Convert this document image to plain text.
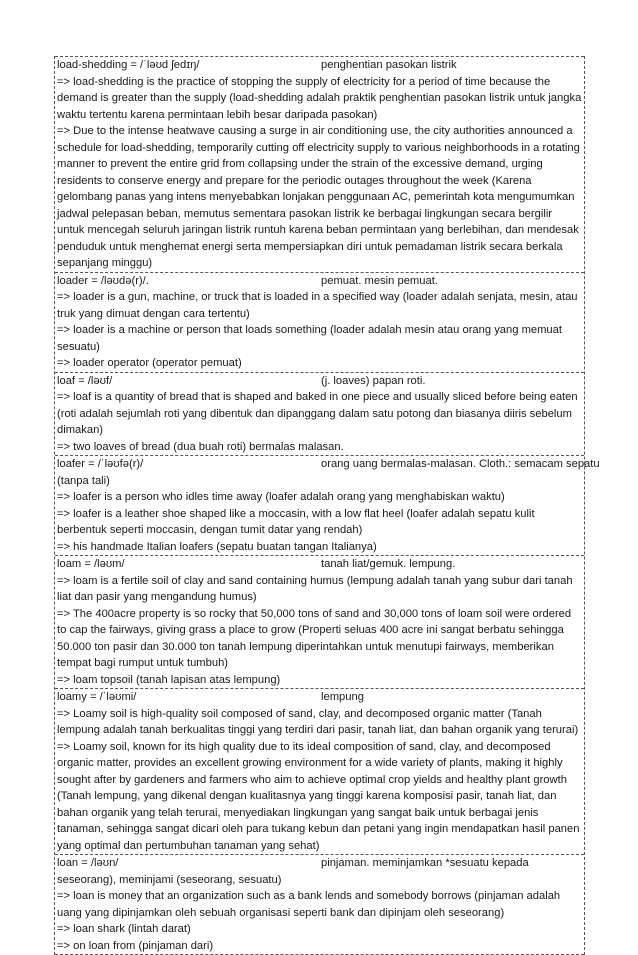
load-shedding = /ˈləʊd ʃedɪŋ/	penghentian pasokan listrik
=> load-shedding is the practice of stopping the supply of electricity for a period of time because the demand is greater than the supply (load-shedding adalah praktik penghentian pasokan listrik untuk jangka waktu tertentu karena permintaan lebih besar daripada pasokan)
=> Due to the intense heatwave causing a surge in air conditioning use, the city authorities announced a schedule for load-shedding, temporarily cutting off electricity supply to various neighborhoods in a rotating manner to prevent the entire grid from collapsing under the strain of the excessive demand, urging residents to conserve energy and prepare for the periodic outages throughout the week (Karena gelombang panas yang intens menyebabkan lonjakan penggunaan AC, pemerintah kota mengumumkan jadwal pelepasan beban, memutus sementara pasokan listrik ke berbagai lingkungan secara bergilir untuk mencegah seluruh jaringan listrik runtuh karena beban permintaan yang berlebihan, dan mendesak penduduk untuk menghemat energi serta mempersiapkan diri untuk pemadaman listrik secara berkala sepanjang minggu)
loader = /ləʊdə(r)/.	pemuat. mesin pemuat.
=> loader is a gun, machine, or truck that is loaded in a specified way (loader adalah senjata, mesin, atau truk yang dimuat dengan cara tertentu)
=> loader is a machine or person that loads something (loader adalah mesin atau orang yang memuat sesuatu)
=> loader operator (operator pemuat)
loaf = /ləʊf/	(j. loaves) papan roti.
=> loaf is a quantity of bread that is shaped and baked in one piece and usually sliced before being eaten (roti adalah sejumlah roti yang dibentuk dan dipanggang dalam satu potong dan biasanya diiris sebelum dimakan)
=> two loaves of bread (dua buah roti) bermalas malasan.
loafer = /ˈləʊfə(r)/	orang uang bermalas-malasan. Cloth.: semacam sepatu
(tanpa tali)
=> loafer is a person who idles time away (loafer adalah orang yang menghabiskan waktu)
=> loafer is a leather shoe shaped like a moccasin, with a low flat heel (loafer adalah sepatu kulit berbentuk seperti moccasin, dengan tumit datar yang rendah)
=> his handmade Italian loafers (sepatu buatan tangan Italianya)
loam = /ləʊm/	tanah liat/gemuk. lempung.
=> loam is a fertile soil of clay and sand containing humus (lempung adalah tanah yang subur dari tanah liat dan pasir yang mengandung humus)
=> The 400acre property is so rocky that 50,000 tons of sand and 30,000 tons of loam soil were ordered to cap the fairways, giving grass a place to grow (Properti seluas 400 acre ini sangat berbatu sehingga 50.000 ton pasir dan 30.000 ton tanah lempung diperintahkan untuk menutupi fairways, memberikan tempat bagi rumput untuk tumbuh)
=> loam topsoil (tanah lapisan atas lempung)
loamy = /ˈləʊmi/	lempung
=> Loamy soil is high-quality soil composed of sand, clay, and decomposed organic matter (Tanah lempung adalah tanah berkualitas tinggi yang terdiri dari pasir, tanah liat, dan bahan organik yang terurai)
=> Loamy soil, known for its high quality due to its ideal composition of sand, clay, and decomposed organic matter, provides an excellent growing environment for a wide variety of plants, making it highly sought after by gardeners and farmers who aim to achieve optimal crop yields and healthy plant growth (Tanah lempung, yang dikenal dengan kualitasnya yang tinggi karena komposisi pasir, tanah liat, dan bahan organik yang telah terurai, menyediakan lingkungan yang sangat baik untuk berbagai jenis tanaman, sehingga sangat dicari oleh para tukang kebun dan petani yang ingin mendapatkan hasil panen yang optimal dan pertumbuhan tanaman yang sehat)
loan = /ləʊn/	pinjaman. meminjamkan *sesuatu kepada
seseorang), meminjami (seseorang, sesuatu)
=> loan is money that an organization such as a bank lends and somebody borrows (pinjaman adalah uang yang dipinjamkan oleh sebuah organisasi seperti bank dan dipinjam oleh seseorang)
=> loan shark (lintah darat)
=> on loan from (pinjaman dari)
